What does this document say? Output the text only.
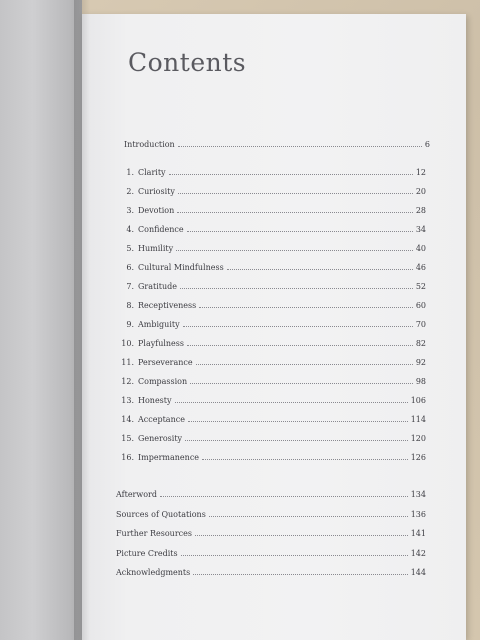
Contents
Introduction	6
1. Clarity	12
2. Curiosity	20
3. Devotion	28
4. Confidence	34
5. Humility	40
6. Cultural Mindfulness	46
7. Gratitude	52
8. Receptiveness	60
9. Ambiguity	70
10. Playfulness	82
11. Perseverance	92
12. Compassion	98
13. Honesty	106
14. Acceptance	114
15. Generosity	120
16. Impermanence	126
Afterword	134
Sources of Quotations	136
Further Resources	141
Picture Credits	142
Acknowledgments	144
